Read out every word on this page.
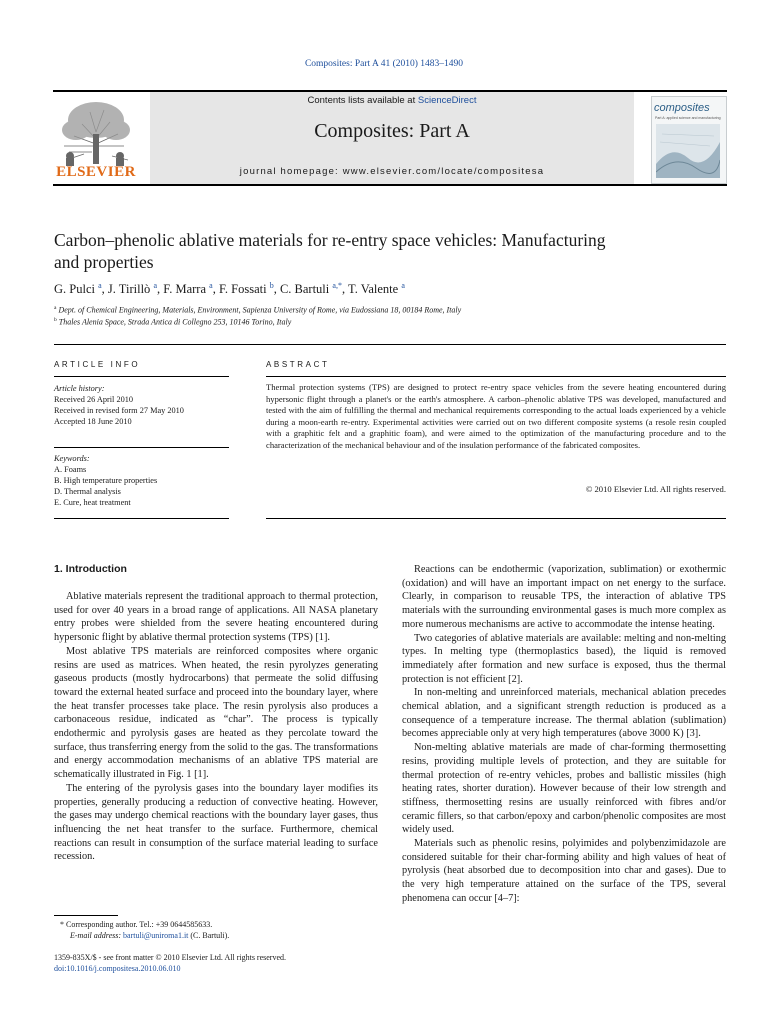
Composites: Part A 41 (2010) 1483–1490
Contents lists available at ScienceDirect
Composites: Part A
journal homepage: www.elsevier.com/locate/compositesa
ELSEVIER
composites
Part A: applied science and manufacturing
Carbon–phenolic ablative materials for re-entry space vehicles: Manufacturing
and properties
G. Pulci $^a$, J. Tirillò $^a$, F. Marra $^a$, F. Fossati $^b$, C. Bartuli $^{a,*}$, T. Valente $^a$
$^a$ Dept. of Chemical Engineering, Materials, Environment, Sapienza University of Rome, via Eudossiana 18, 00184 Rome, Italy
$^b$ Thales Alenia Space, Strada Antica di Collegno 253, 10146 Torino, Italy
ARTICLE INFO	ABSTRACT
Article history:
Received 26 April 2010
Received in revised form 27 May 2010
Accepted 18 June 2010
Keywords:
A. Foams
B. High temperature properties
D. Thermal analysis
E. Cure, heat treatment
Thermal protection systems (TPS) are designed to protect re-entry space vehicles from the severe heating encountered during hypersonic flight through a planet's or the earth's atmosphere. A carbon–phenolic ablative TPS was developed, manufactured and tested with the aim of fulfilling the thermal and mechanical requirements corresponding to the actual loads experienced by a vehicle during a moon-earth re-entry. Experimental activities were carried out on two different composite systems (a resole resin coupled with a graphitic felt and a graphitic foam), and were aimed to the optimization of the manufacturing procedure and to the characterization of the mechanical behaviour and of the insulation performance of the fabricated composites.
© 2010 Elsevier Ltd. All rights reserved.
1. Introduction

Ablative materials represent the traditional approach to thermal protection, used for over 40 years in a broad range of applications. All NASA planetary entry probes were shielded from the severe heating encountered during hypersonic flight by ablative thermal protection systems (TPS) [1].

Most ablative TPS materials are reinforced composites where organic resins are used as matrices. When heated, the resin pyrolyzes generating gaseous products (mostly hydrocarbons) that permeate the solid diffusing toward the external heated surface and proceed into the boundary layer, where the heat transfer processes take place. The resin pyrolysis also produces a carbonaceous residue, indicated as “char”. The process is typically endothermic and pyrolysis gases are heated as they percolate toward the surface, thus transferring energy from the solid to the gas. The transformations and energy accommodation mechanisms of an ablative TPS material are schematically illustrated in Fig. 1 [1].

The entering of the pyrolysis gases into the boundary layer modifies its properties, generally producing a reduction of convective heating. However, the gases may undergo chemical reactions with the boundary layer gases, thus influencing the net heat transfer to the surface. Furthermore, chemical reactions can result in consumption of the surface material leading to surface recession.

Reactions can be endothermic (vaporization, sublimation) or exothermic (oxidation) and will have an important impact on net energy to the surface. Clearly, in comparison to reusable TPS, the interaction of ablative TPS materials with the surrounding environmental gases is much more complex as more numerous mechanisms are active to accommodate the intense heating.

Two categories of ablative materials are available: melting and non-melting types. In melting type (thermoplastics based), the liquid is removed immediately after formation and new surface is exposed, thus the thermal protection is not efficient [2].

In non-melting and unreinforced materials, mechanical ablation precedes chemical ablation, and a significant strength reduction is produced as a consequence of a temperature increase. The thermal ablation (sublimation) becomes appreciable only at very high temperatures (above 3000 K) [3].

Non-melting ablative materials are made of char-forming thermosetting resins, providing multiple levels of protection, and they are suitable for thermal protection of re-entry vehicles, probes and ballistic missiles (high heating rates, shorter duration). However because of their low strength and stiffness, thermosetting resins are usually reinforced with fibres and/or ceramic fillers, so that carbon/epoxy and carbon/phenolic composites are most widely used.

Materials such as phenolic resins, polyimides and polybenzimidazole are considered suitable for their char-forming ability and high values of heat of pyrolysis (heat absorbed due to decomposition into char and gases). Due to the very high temperature attained on the surface of the TPS, several phenomena can occur [4–7]:

* Corresponding author. Tel.: +39 0644585633.
E-mail address: bartuli@uniroma1.it (C. Bartuli).
1359-835X/$ - see front matter © 2010 Elsevier Ltd. All rights reserved.
doi:10.1016/j.compositesa.2010.06.010
